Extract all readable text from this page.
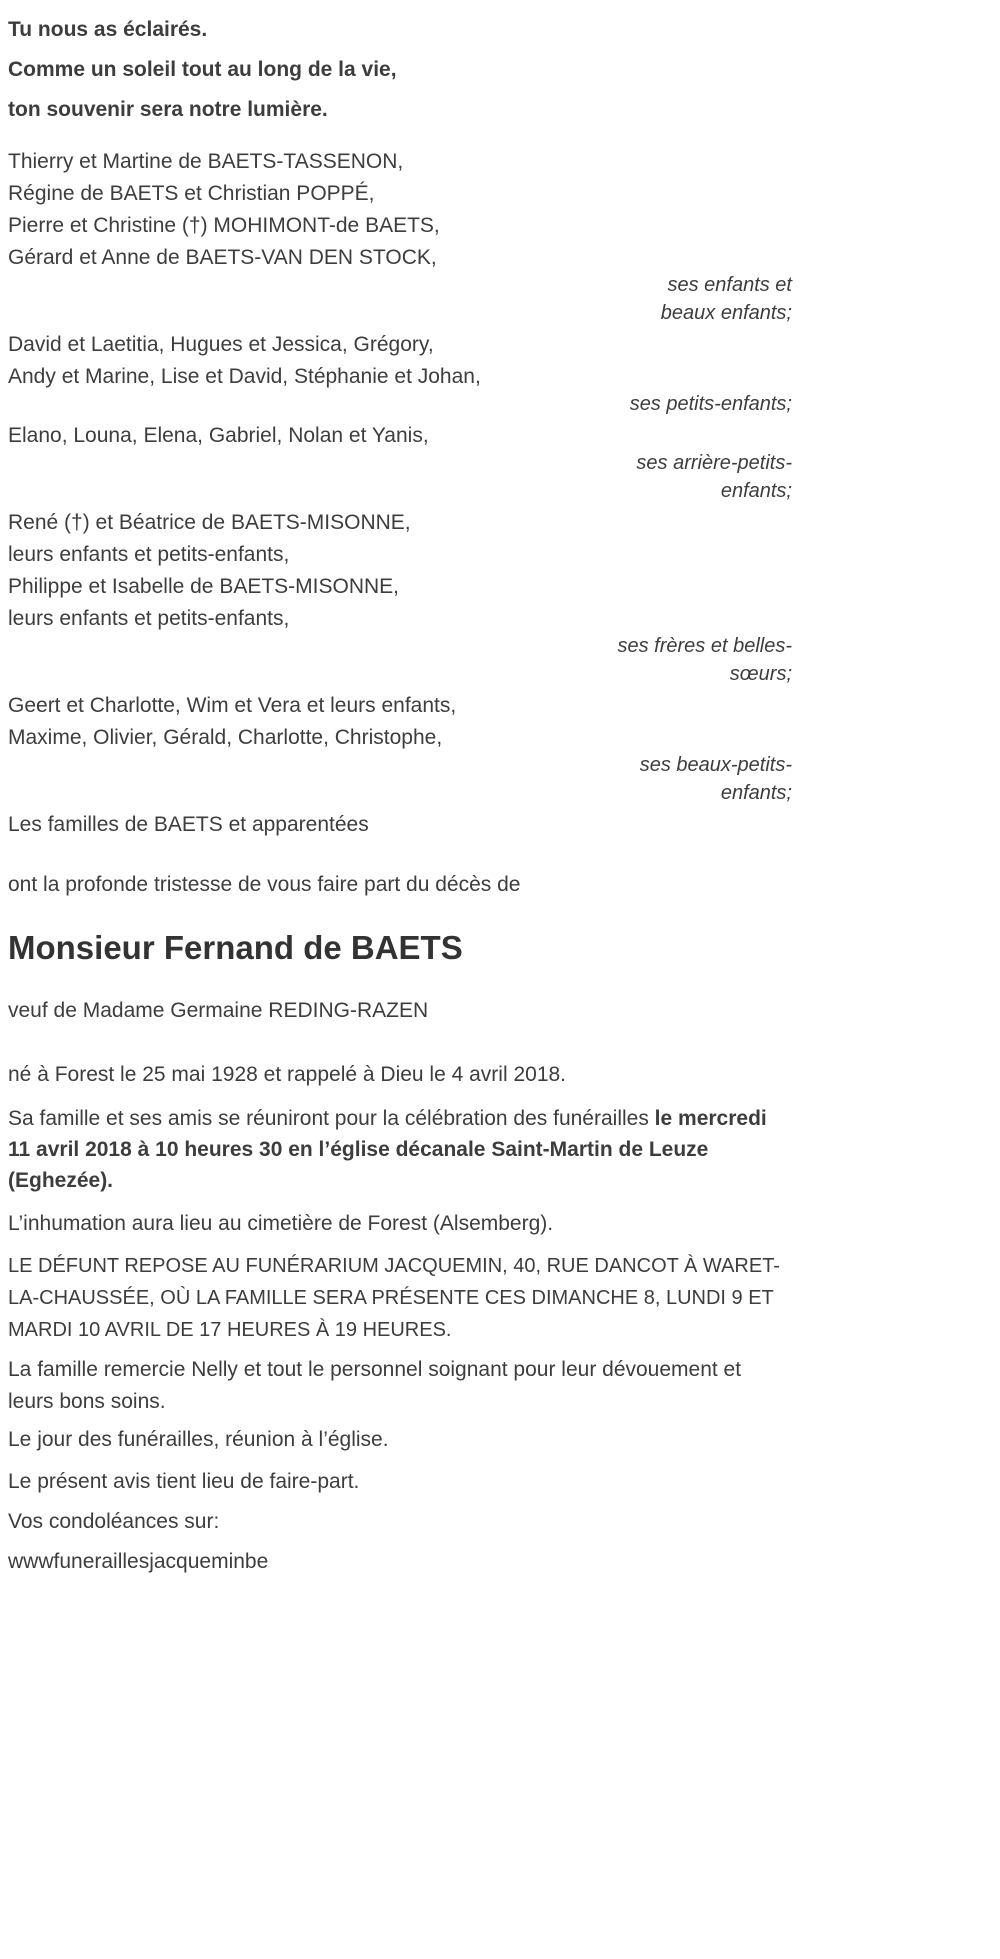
Tu nous as éclairés.

Comme un soleil tout au long de la vie,

ton souvenir sera notre lumière.

Thierry et Martine de BAETS-TASSENON,

Régine de BAETS et Christian POPPÉ,

Pierre et Christine (†) MOHIMONT-de BAETS,

Gérard et Anne de BAETS-VAN DEN STOCK,

ses enfants et

beaux enfants;

David et Laetitia, Hugues et Jessica, Grégory,

Andy et Marine, Lise et David, Stéphanie et Johan,

ses petits-enfants;

Elano, Louna, Elena, Gabriel, Nolan et Yanis,

ses arrière-petits-

enfants;

René (†) et Béatrice de BAETS-MISONNE,

leurs enfants et petits-enfants,

Philippe et Isabelle de BAETS-MISONNE,

leurs enfants et petits-enfants,

ses frères et belles-

sœurs;

Geert et Charlotte, Wim et Vera et leurs enfants,

Maxime, Olivier, Gérald, Charlotte, Christophe,

ses beaux-petits-

enfants;

Les familles de BAETS et apparentées

ont la profonde tristesse de vous faire part du décès de

Monsieur Fernand de BAETS

veuf de Madame Germaine REDING-RAZEN

né à Forest le 25 mai 1928 et rappelé à Dieu le 4 avril 2018.

Sa famille et ses amis se réuniront pour la célébration des funérailles le mercredi 11 avril 2018 à 10 heures 30 en l’église décanale Saint-Martin de Leuze (Eghezée).

L’inhumation aura lieu au cimetière de Forest (Alsemberg).

LE DÉFUNT REPOSE AU FUNÉRARIUM JACQUEMIN, 40, RUE DANCOT À WARET-LA-CHAUSSÉE, OÙ LA FAMILLE SERA PRÉSENTE CES DIMANCHE 8, LUNDI 9 ET MARDI 10 AVRIL DE 17 HEURES À 19 HEURES.

La famille remercie Nelly et tout le personnel soignant pour leur dévouement et leurs bons soins.

Le jour des funérailles, réunion à l’église.

Le présent avis tient lieu de faire-part.

Vos condoléances sur:

wwwfuneraillesjacqueminbe
